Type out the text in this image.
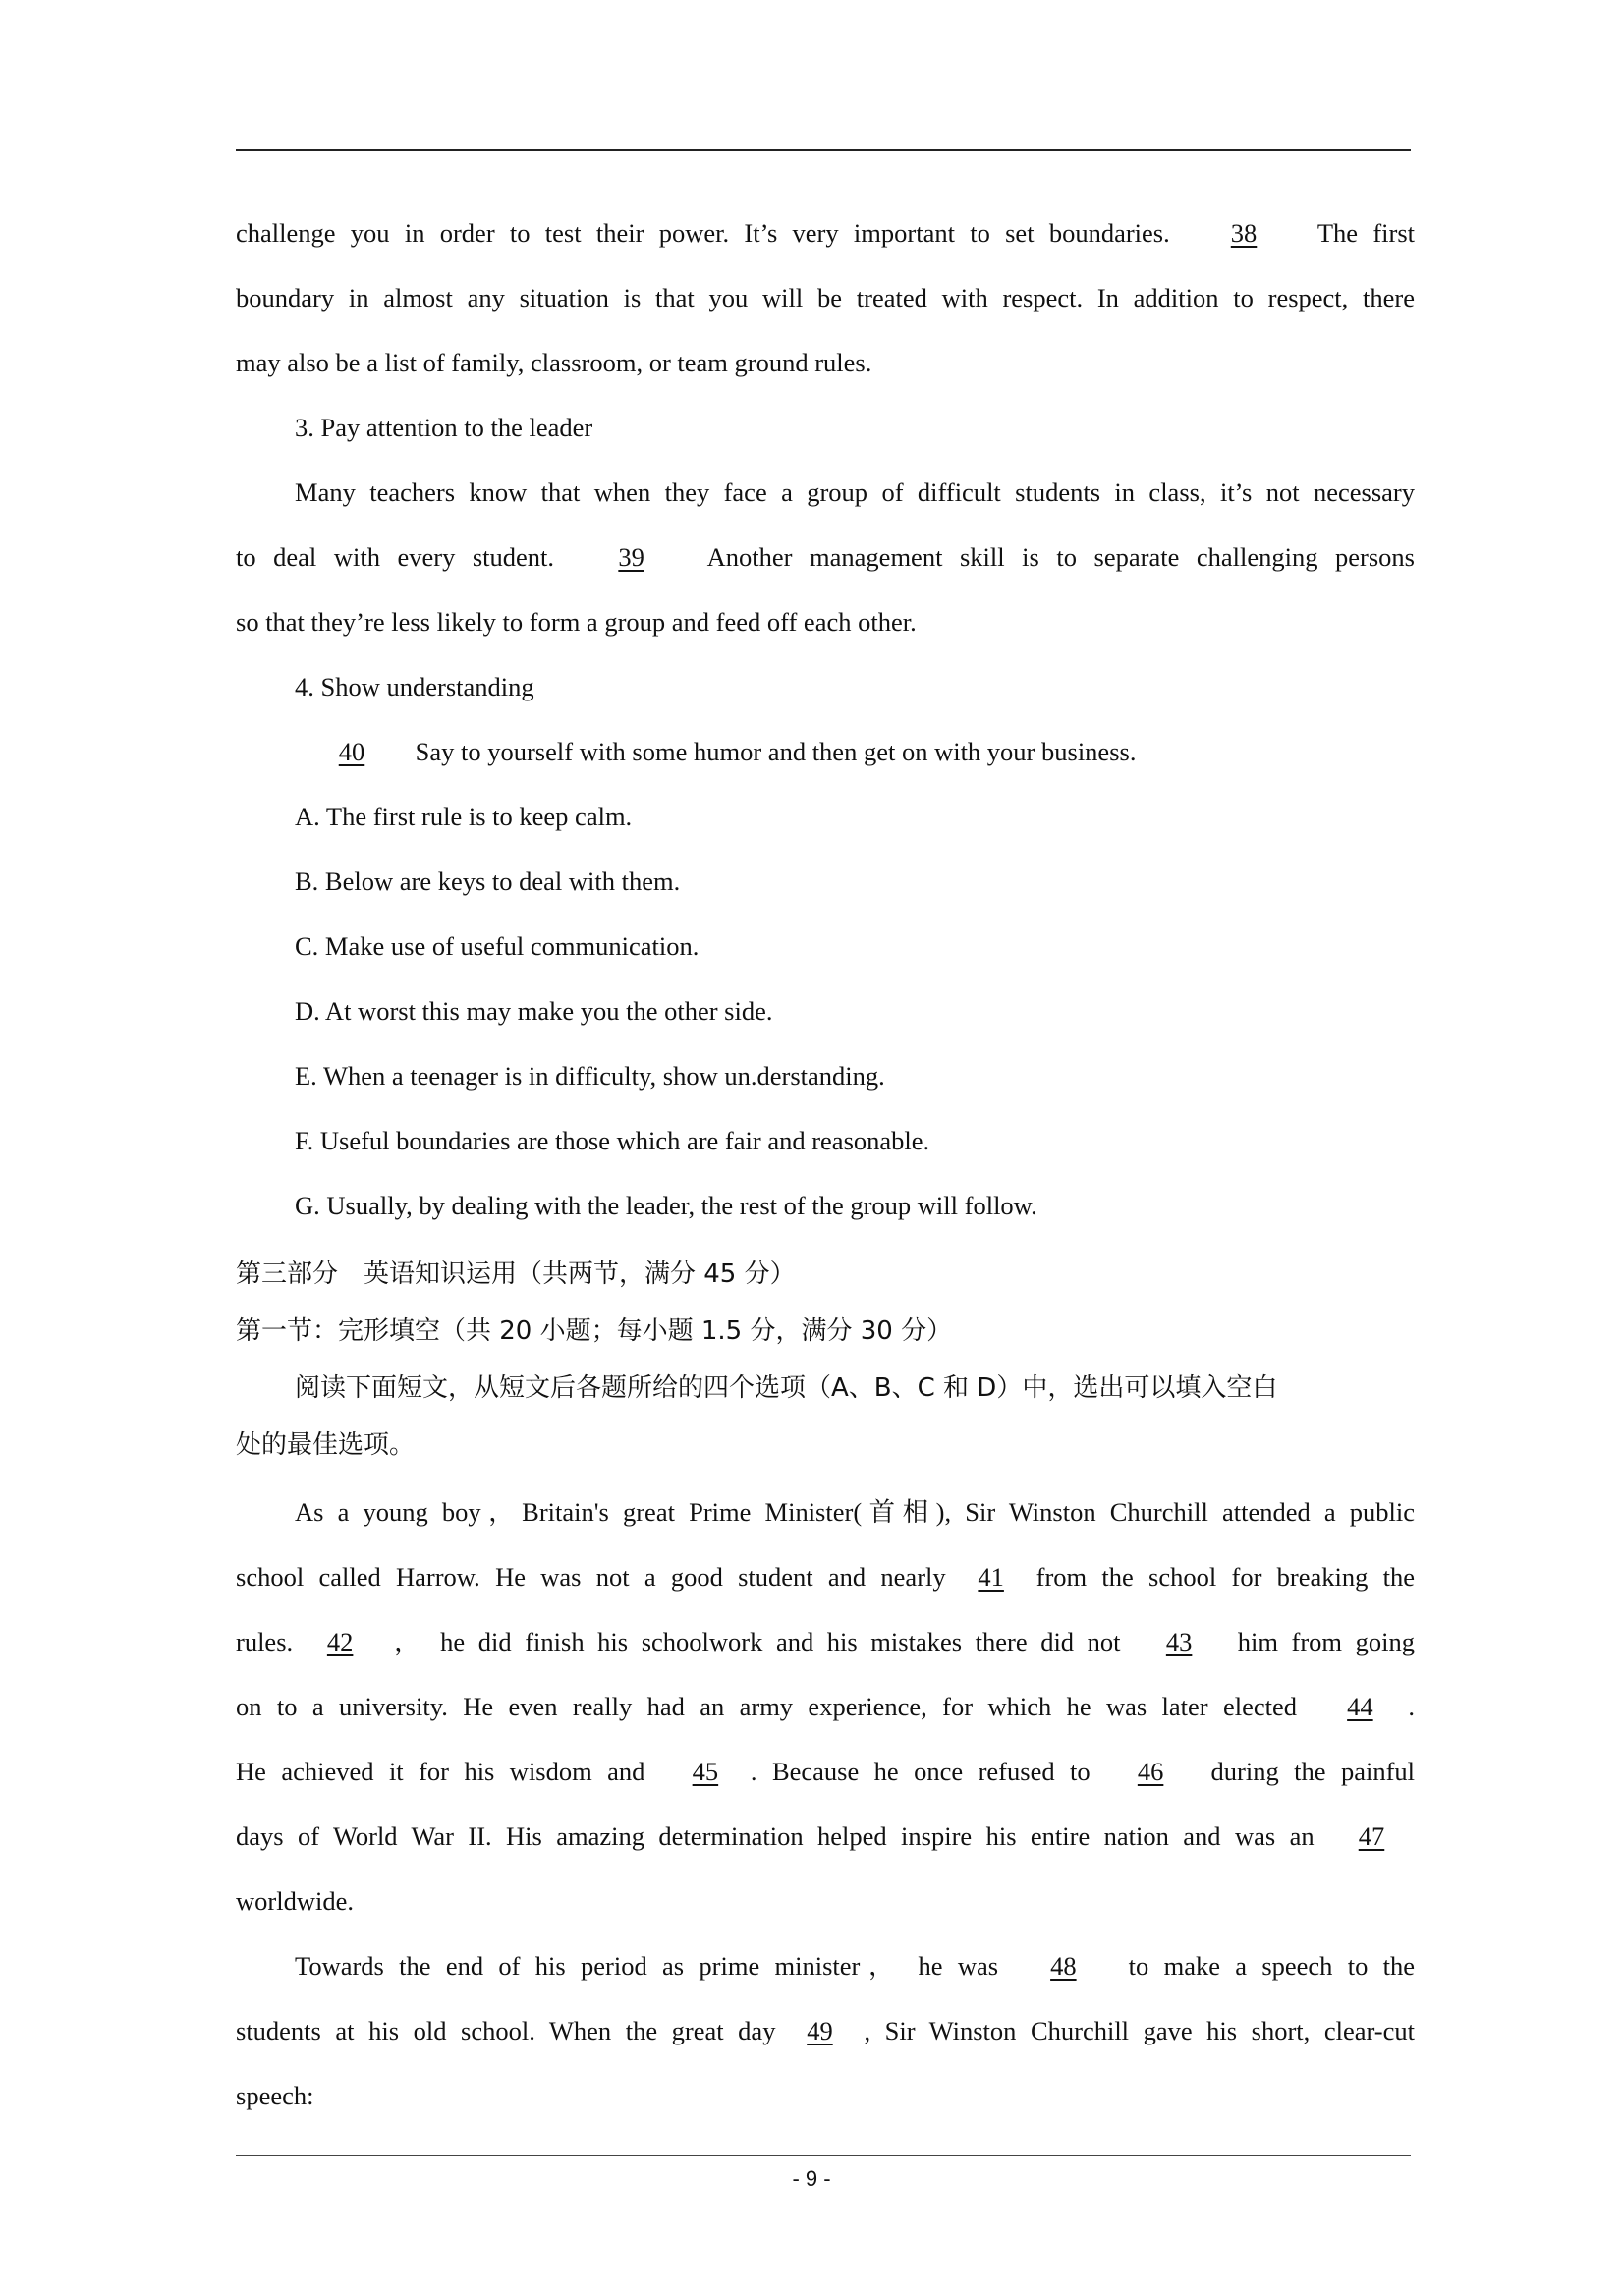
challenge you in order to test their power. It’s very important to set boundaries. 38 The first
boundary in almost any situation is that you will be treated with respect. In addition to respect, there
may also be a list of family, classroom, or team ground rules.
3. Pay attention to the leader
Many teachers know that when they face a group of difficult students in class, it’s not necessary
to deal with every student. 39 Another management skill is to separate challenging persons
so that they’re less likely to form a group and feed off each other.
4. Show understanding
40 Say to yourself with some humor and then get on with your business.
A. The first rule is to keep calm.
B. Below are keys to deal with them.
C. Make use of useful communication.
D. At worst this may make you the other side.
E. When a teenager is in difficulty, show un.derstanding.
F. Useful boundaries are those which are fair and reasonable.
G. Usually, by dealing with the leader, the rest of the group will follow.
第三部分　英语知识运用（共两节，满分 45 分）
第一节：完形填空（共 20 小题；每小题 1.5 分，满分 30 分）
阅读下面短文，从短文后各题所给的四个选项（A、B、C 和 D）中，选出可以填入空白
处的最佳选项。
As a young boy，Britain's great Prime Minister(首相), Sir Winston Churchill attended a public
school called Harrow. He was not a good student and nearly 41 from the school for breaking the
rules. 42 ， he did finish his schoolwork and his mistakes there did not 43 him from going
on to a university. He even really had an army experience, for which he was later elected 44 .
He achieved it for his wisdom and 45 . Because he once refused to 46 during the painful
days of World War II. His amazing determination helped inspire his entire nation and was an 47
worldwide.
Towards the end of his period as prime minister， he was 48 to make a speech to the
students at his old school. When the great day 49 , Sir Winston Churchill gave his short, clear-cut
speech:
- 9 -
